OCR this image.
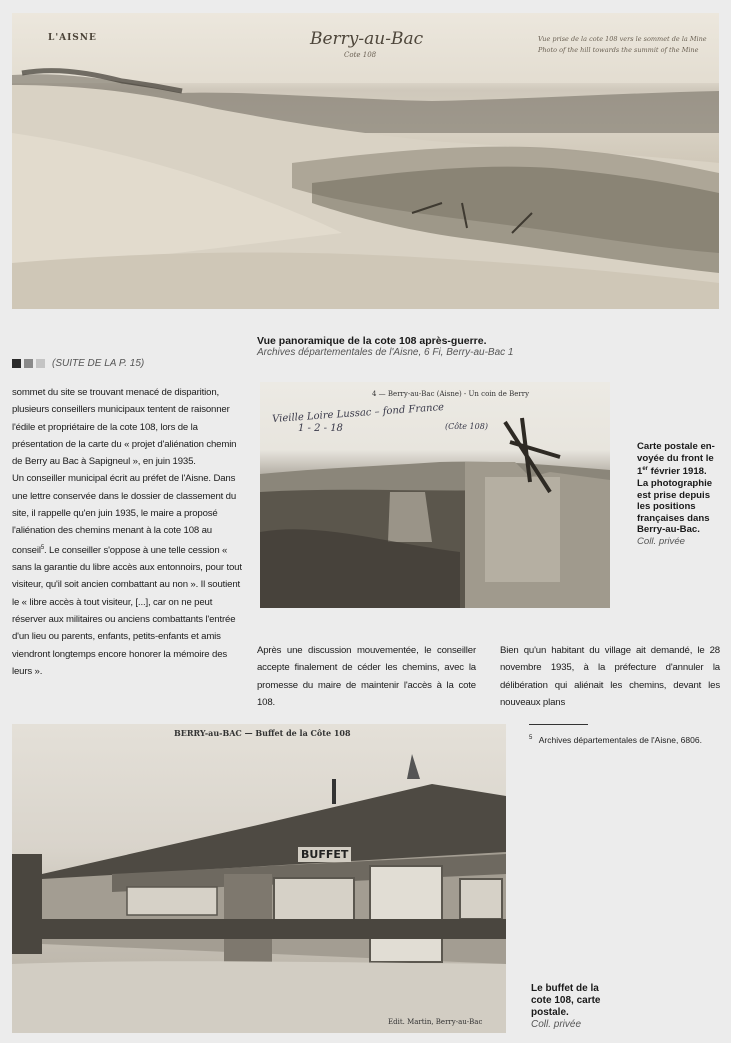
L'AISNE	Berry-au-Bac
Cote 108
Vue prise de la cote 108 vers le sommet de la Mine
Photo of the hill towards the summit of the Mine
Vue panoramique de la cote 108 après-guerre.
Archives départementales de l'Aisne, 6 Fi, Berry-au-Bac 1
(SUITE DE LA P. 15)

sommet du site se trouvant menacé de disparition, plusieurs conseillers municipaux tentent de raisonner l'édile et propriétaire de la cote 108, lors de la présentation de la carte du « projet d'aliénation chemin de Berry au Bac à Sapigneul », en juin 1935.

Un conseiller municipal écrit au préfet de l'Aisne. Dans une lettre conservée dans le dossier de classement du site, il rappelle qu'en juin 1935, le maire a proposé l'aliénation des chemins menant à la cote 108 au conseil$^5$. Le conseiller s'oppose à une telle cession « sans la garantie du libre accès aux entonnoirs, pour tout visiteur, qu'il soit ancien combattant au non ». Il soutient le « libre accès à tout visiteur, [...], car on ne peut réserver aux militaires ou anciens combattants l'entrée d'un lieu ou parents, enfants, petits-enfants et amis viendront longtemps encore honorer la mémoire des leurs ».

4 — Berry-au-Bac (Aisne) - Un coin de Berry
Vieille Loire Lussac – fond France
1 - 2 - 18	(Côte 108)
Carte postale en-
voyée du front le
1er février 1918.
La photographie
est prise depuis
les positions
françaises dans
Berry-au-Bac.
Coll. privée

Après une discussion mouvementée, le conseiller accepte finalement de céder les chemins, avec la promesse du maire de maintenir l'accès à la cote 108.

Bien qu'un habitant du village ait demandé, le 28 novembre 1935, à la préfecture d'annuler la délibération qui aliénait les chemins, devant les nouveaux plans

$^5$ Archives départementales de l'Aisne, 6806.
BUFFET
BERRY-au-BAC — Buffet de la Côte 108
Edit. Martin, Berry-au-Bac
Le buffet de la
cote 108, carte
postale.
Coll. privée
